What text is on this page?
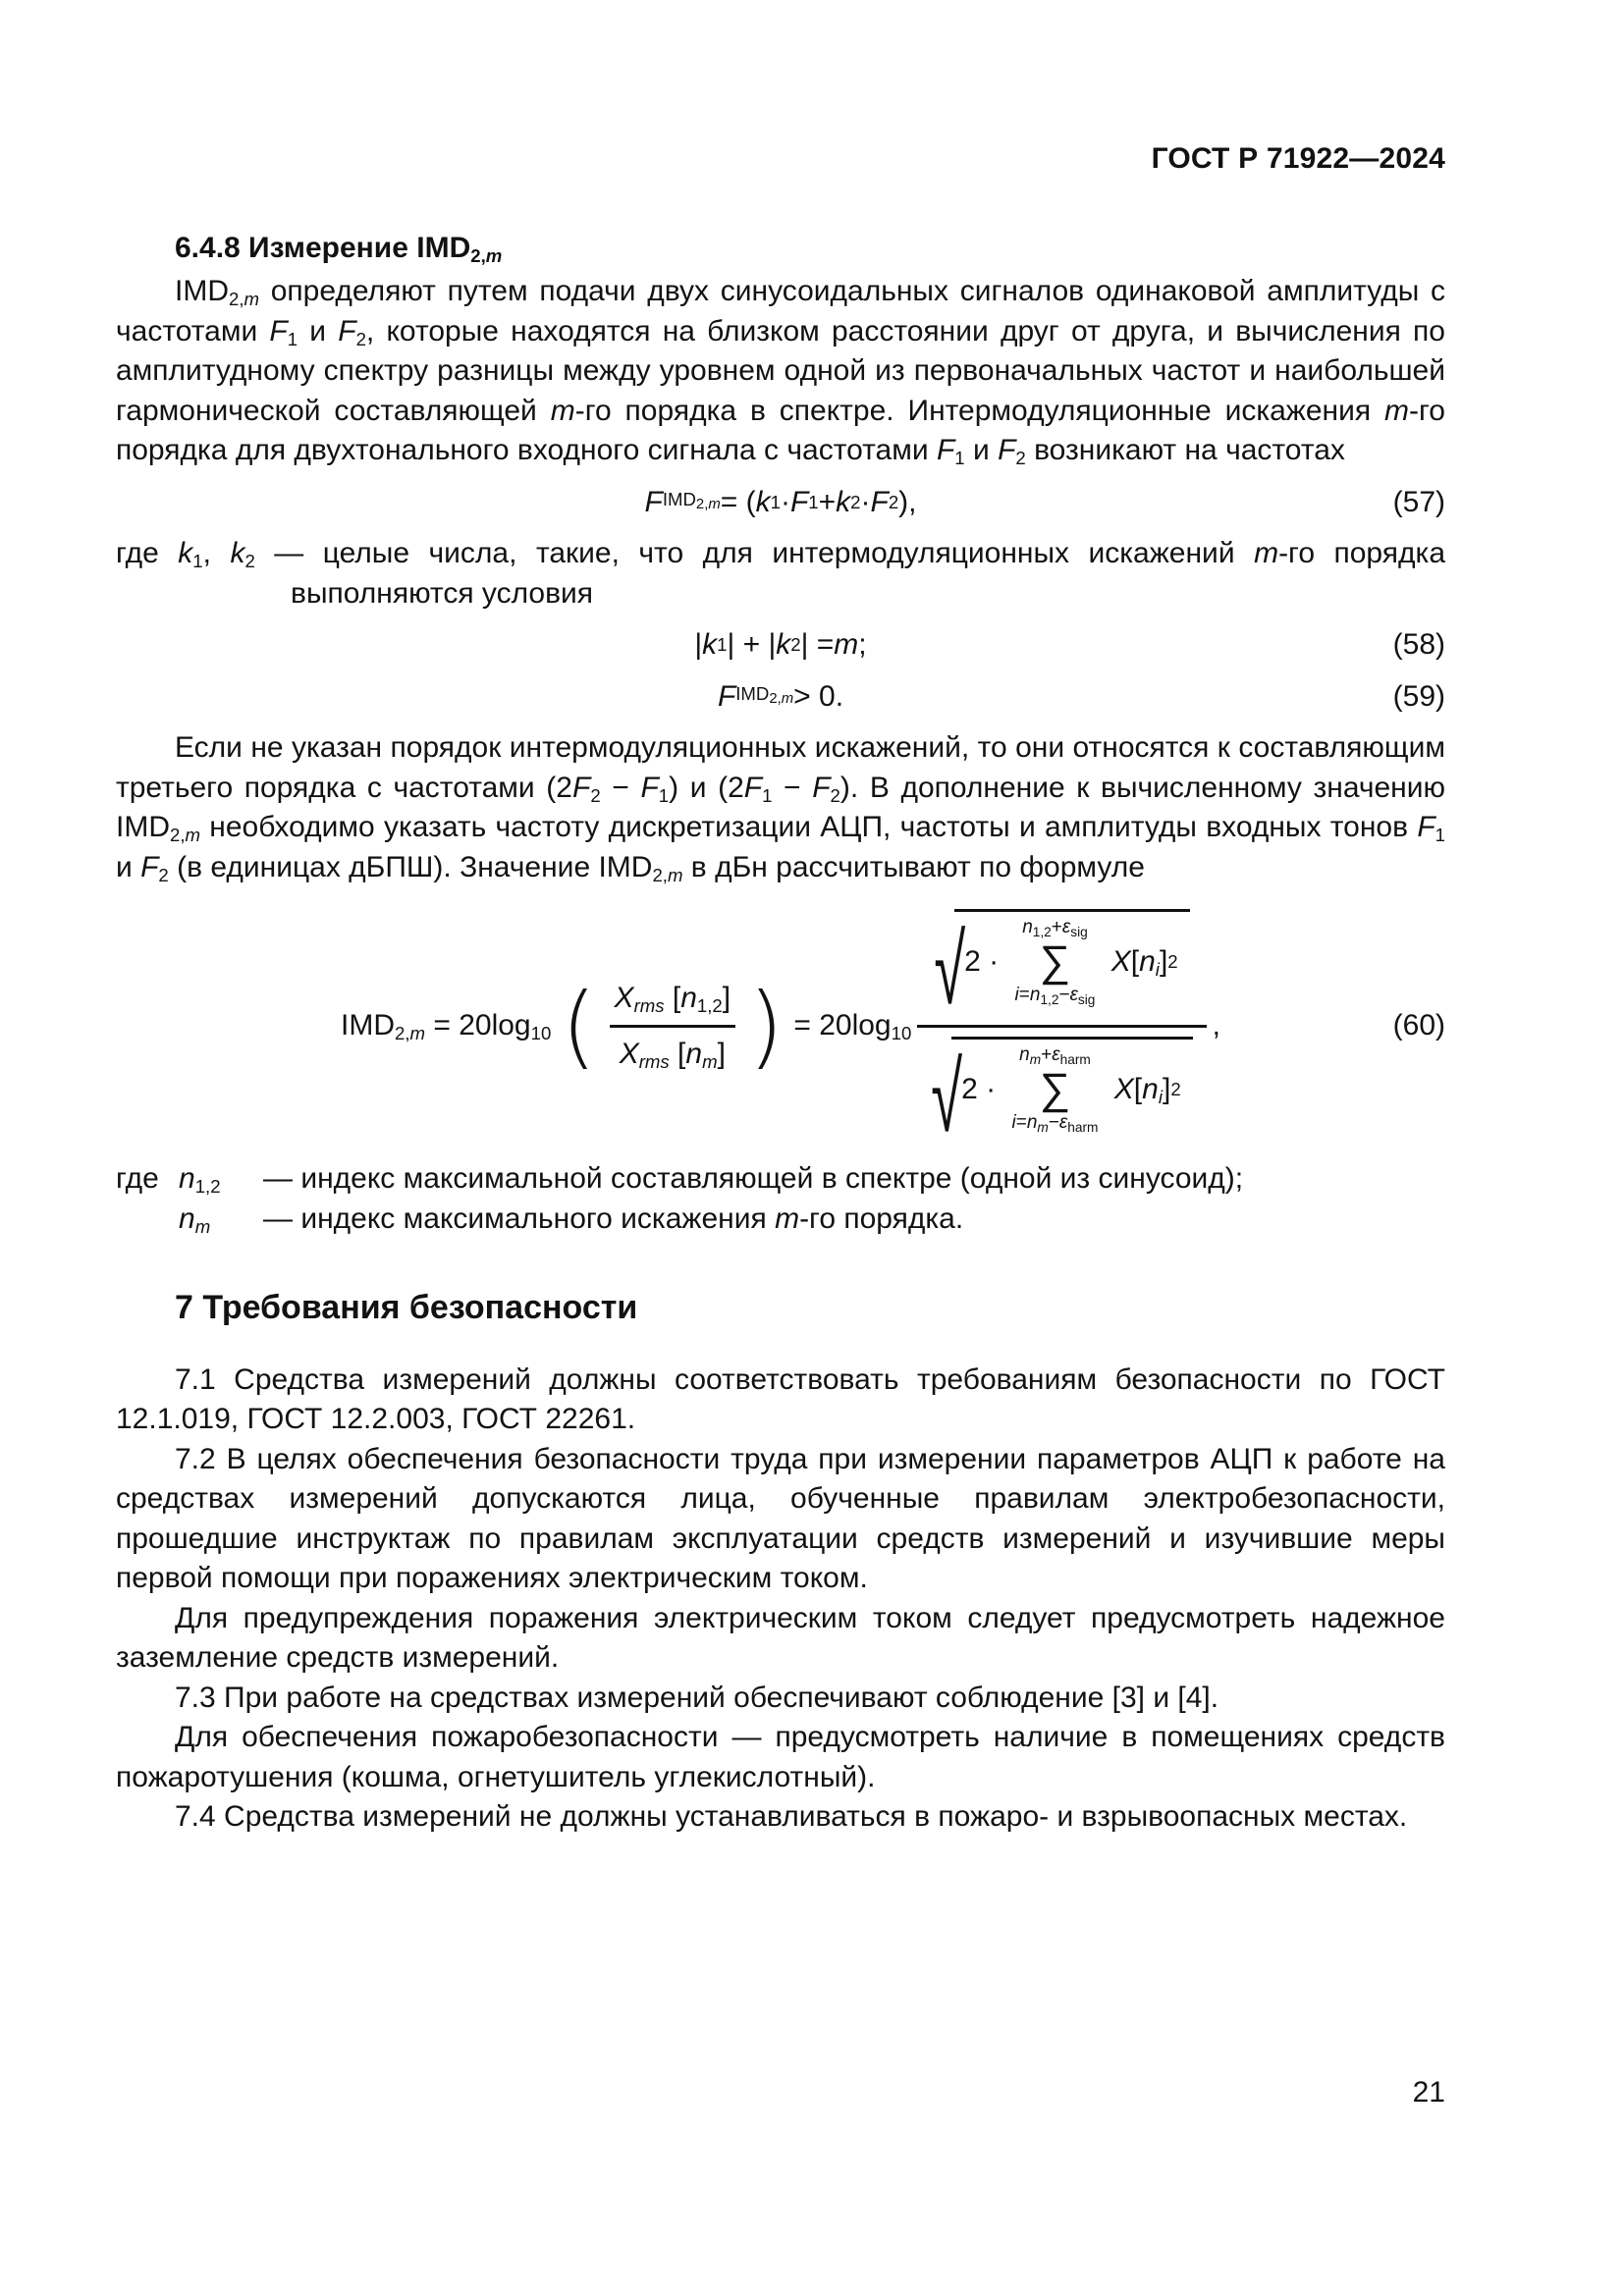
ГОСТ Р 71922—2024
6.4.8 Измерение $IMD_{2,m}$

$IMD_{2,m}$ определяют путем подачи двух синусоидальных сигналов одинаковой амплитуды с частотами $F_1$ и $F_2$, которые находятся на близком расстоянии друг от друга, и вычисления по амплитудному спектру разницы между уровнем одной из первоначальных частот и наибольшей гармонической составляющей m-го порядка в спектре. Интермодуляционные искажения m-го порядка для двухтонального входного сигнала с частотами $F_1$ и $F_2$ возникают на частотах

F $IMD_{2,m}$ = ( k 1 · F 1 + k 2 · F 2 ),	(57)

где $k_1$, $k_2$ — целые числа, такие, что для интермодуляционных искажений m-го порядка выполняются условия

| k 1 | + | k 2 | = m ;	(58)
F $IMD_{2,m} > 0$.	(59)

Если не указан порядок интермодуляционных искажений, то они относятся к составляющим третьего порядка с частотами $(2F_2 - F_1)$ и $(2F_1 - F_2)$. В дополнение к вычисленному значению $IMD_{2,m}$ необходимо указать частоту дискретизации АЦП, частоты и амплитуды входных тонов $F_1$ и $F_2$ (в единицах дБПШ). Значение $IMD_{2,m}$ в дБн рассчитывают по формуле

$IMD_{2,m} = 20\log_{10}$ ( $\frac{X_{rms} [n_{1,2}]}{X_{rms} [n_m]}$ ) = $20\log_{10}$ √ 2 ·
$n_{1,2}+\varepsilon_{sig}$
∑
$i=n_{1,2}-\varepsilon_{sig}$

X [ $n_i$ ] 2
√ 2 ·
$n_m+\varepsilon_{harm}$
∑
$i=n_m-\varepsilon_{harm}$

X [ $n_i$ ] 2 ,	(60)
где $n_{1,2}$	— индекс максимальной составляющей в спектре (одной из синусоид);
$n_m$	— индекс максимального искажения m-го порядка.
7 Требования безопасности

7.1 Средства измерений должны соответствовать требованиям безопасности по ГОСТ 12.1.019, ГОСТ 12.2.003, ГОСТ 22261.

7.2 В целях обеспечения безопасности труда при измерении параметров АЦП к работе на средствах измерений допускаются лица, обученные правилам электробезопасности, прошедшие инструктаж по правилам эксплуатации средств измерений и изучившие меры первой помощи при поражениях электрическим током.

Для предупреждения поражения электрическим током следует предусмотреть надежное заземление средств измерений.

7.3 При работе на средствах измерений обеспечивают соблюдение [3] и [4].

Для обеспечения пожаробезопасности — предусмотреть наличие в помещениях средств пожаротушения (кошма, огнетушитель углекислотный).

7.4 Средства измерений не должны устанавливаться в пожаро- и взрывоопасных местах.

21
